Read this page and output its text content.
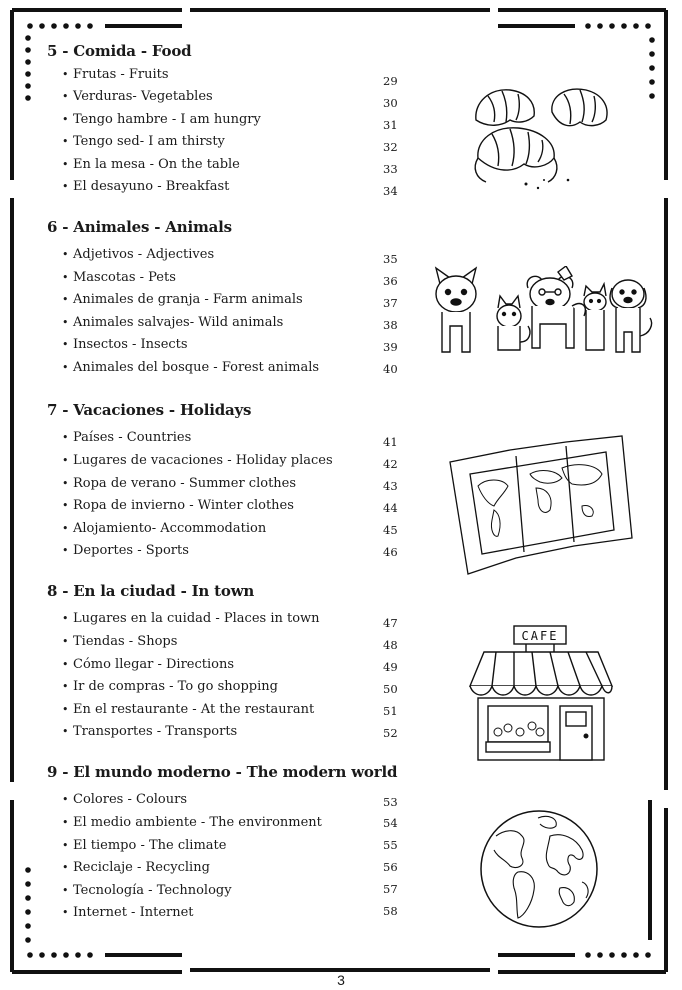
5 - Comida - Food
• Frutas - Fruits	29
• Verduras- Vegetables	30
• Tengo hambre - I am hungry	31
• Tengo sed- I am thirsty	32
• En la mesa - On the table	33
• El desayuno - Breakfast	34
6 - Animales - Animals
• Adjetivos - Adjectives	35
• Mascotas - Pets	36
• Animales de granja - Farm animals	37
• Animales salvajes- Wild animals	38
• Insectos - Insects	39
• Animales del bosque - Forest animals	40
7 - Vacaciones - Holidays
• Países - Countries	41
• Lugares de vacaciones - Holiday places	42
• Ropa de verano - Summer clothes	43
• Ropa de invierno - Winter clothes	44
• Alojamiento- Accommodation	45
• Deportes - Sports	46
8 - En la ciudad - In town
• Lugares en la cuidad - Places in town	47
• Tiendas - Shops	48
• Cómo llegar - Directions	49
• Ir de compras - To go shopping	50
• En el restaurante - At the restaurant	51
• Transportes - Transports	52
CAFE
9 - El mundo moderno - The modern world
• Colores - Colours	53
• El medio ambiente - The environment	54
• El tiempo - The climate	55
• Reciclaje - Recycling	56
• Tecnología - Technology	57
• Internet - Internet	58
3
